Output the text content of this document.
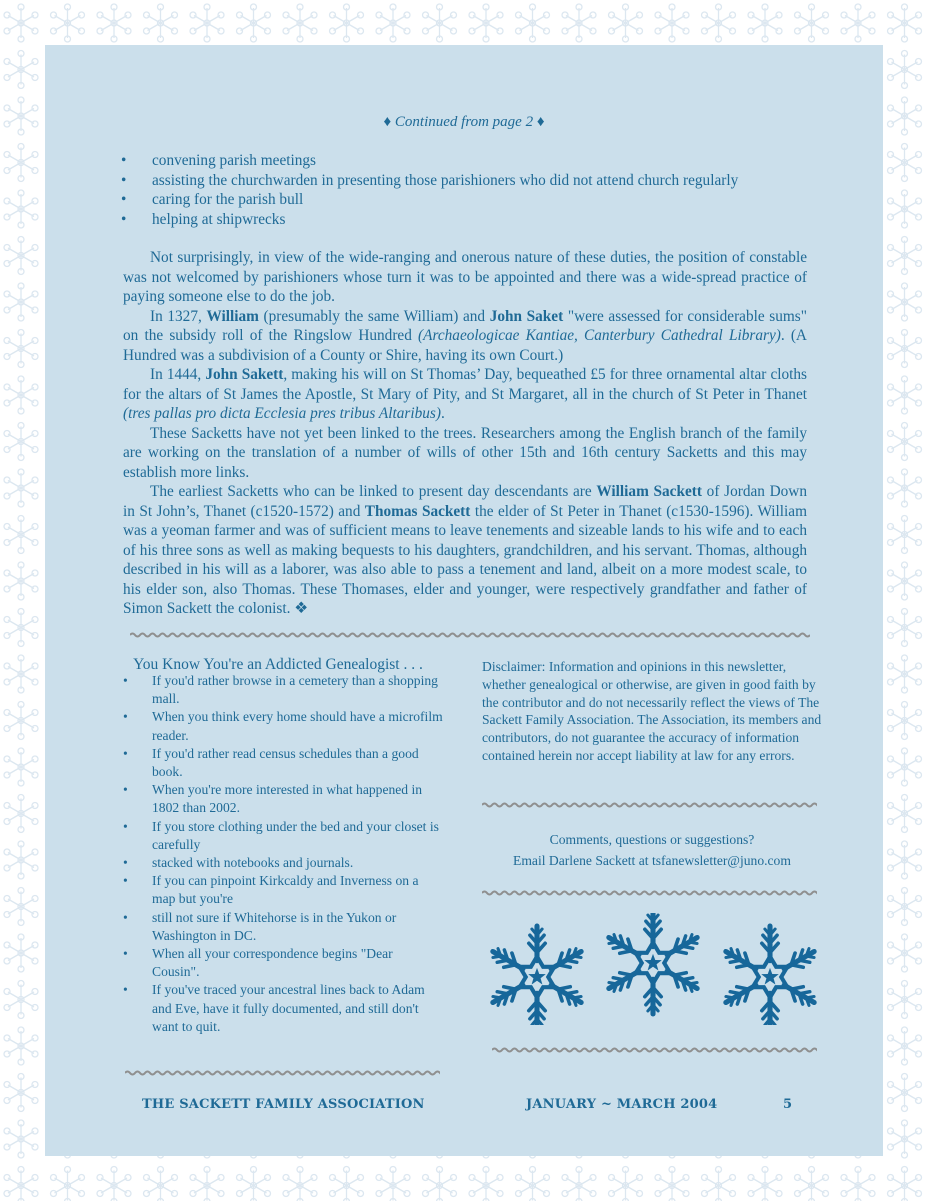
♦ Continued from page 2 ♦
• convening parish meetings
• assisting the churchwarden in presenting those parishioners who did not attend church regularly
• caring for the parish bull
• helping at shipwrecks

Not surprisingly, in view of the wide-ranging and onerous nature of these duties, the position of constable was not welcomed by parishioners whose turn it was to be appointed and there was a wide-spread practice of paying someone else to do the job.

In 1327, William (presumably the same William) and John Saket "were assessed for considerable sums" on the subsidy roll of the Ringslow Hundred (Archaeologicae Kantiae, Canterbury Cathedral Library). (A Hundred was a subdivision of a County or Shire, having its own Court.)

In 1444, John Sakett, making his will on St Thomas’ Day, bequeathed £5 for three ornamental altar cloths for the altars of St James the Apostle, St Mary of Pity, and St Margaret, all in the church of St Peter in Thanet (tres pallas pro dicta Ecclesia pres tribus Altaribus).

These Sacketts have not yet been linked to the trees. Researchers among the English branch of the family are working on the translation of a number of wills of other 15th and 16th century Sacketts and this may establish more links.

The earliest Sacketts who can be linked to present day descendants are William Sackett of Jordan Down in St John’s, Thanet (c1520-1572) and Thomas Sackett the elder of St Peter in Thanet (c1530-1596). William was a yeoman farmer and was of sufficient means to leave tenements and sizeable lands to his wife and to each of his three sons as well as making bequests to his daughters, grandchildren, and his servant. Thomas, although described in his will as a laborer, was also able to pass a tenement and land, albeit on a more modest scale, to his elder son, also Thomas. These Thomases, elder and younger, were respectively grandfather and father of Simon Sackett the colonist. ❖

You Know You're an Addicted Genealogist . . .
• If you'd rather browse in a cemetery than a shopping mall.
• When you think every home should have a microfilm reader.
• If you'd rather read census schedules than a good book.
• When you're more interested in what happened in 1802 than 2002.
• If you store clothing under the bed and your closet is carefully
• stacked with notebooks and journals.
• If you can pinpoint Kirkcaldy and Inverness on a map but you're
• still not sure if Whitehorse is in the Yukon or Washington in DC.
• When all your correspondence begins "Dear Cousin".
• If you've traced your ancestral lines back to Adam and Eve, have it fully documented, and still don't want to quit.
Disclaimer: Information and opinions in this newsletter, whether genealogical or otherwise, are given in good faith by the contributor and do not necessarily reflect the views of The Sackett Family Association. The Association, its members and contributors, do not guarantee the accuracy of information contained herein nor accept liability at law for any errors.
Comments, questions or suggestions?
Email Darlene Sackett at tsfanewsletter@juno.com
THE SACKETT FAMILY ASSOCIATION	JANUARY ~ MARCH 2004	5
